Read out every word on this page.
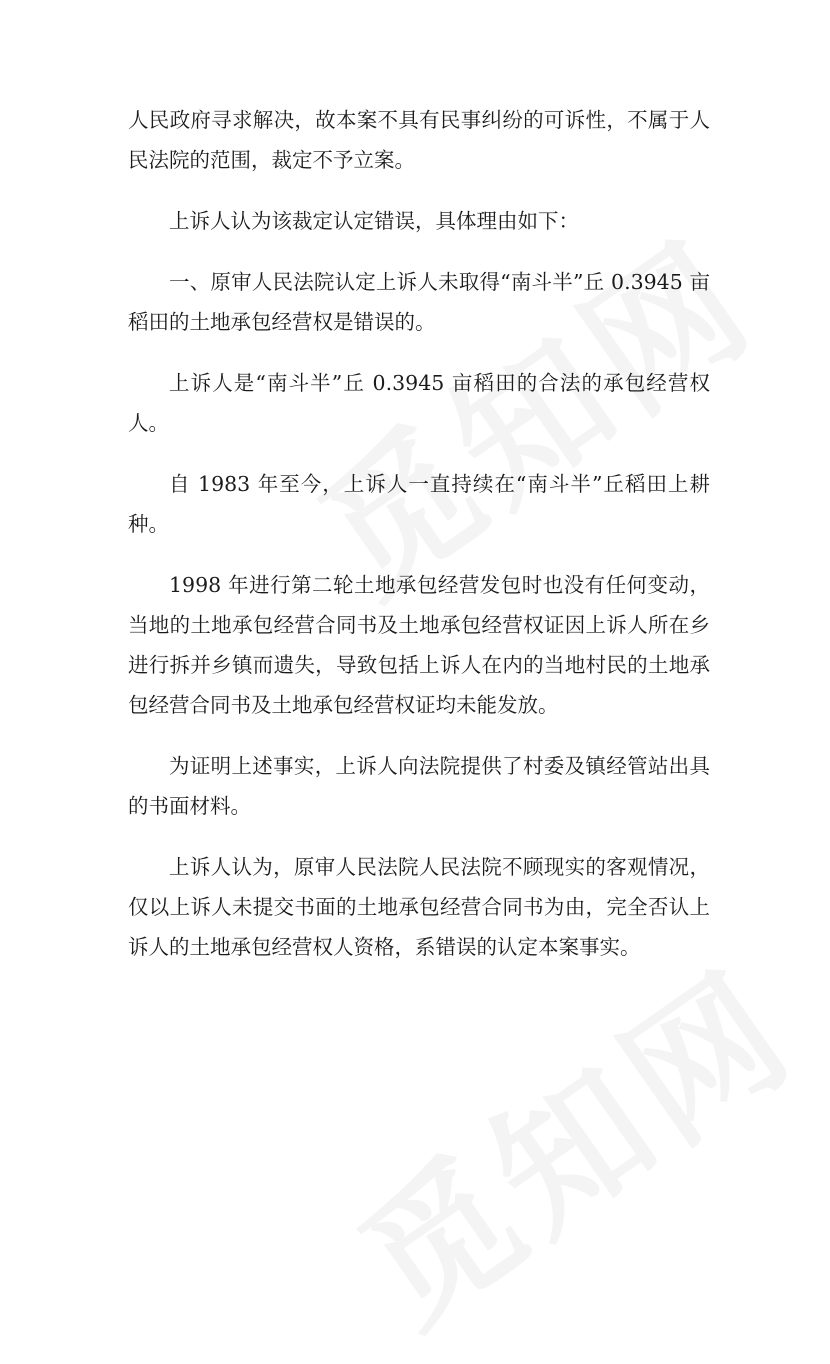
人民政府寻求解决，故本案不具有民事纠纷的可诉性，不属于人民法院的范围，裁定不予立案。

上诉人认为该裁定认定错误，具体理由如下：

一、原审人民法院认定上诉人未取得“南斗半”丘 0.3945 亩稻田的土地承包经营权是错误的。

上诉人是“南斗半”丘 0.3945 亩稻田的合法的承包经营权人。

自 1983 年至今，上诉人一直持续在“南斗半”丘稻田上耕种。

1998 年进行第二轮土地承包经营发包时也没有任何变动，当地的土地承包经营合同书及土地承包经营权证因上诉人所在乡进行拆并乡镇而遗失，导致包括上诉人在内的当地村民的土地承包经营合同书及土地承包经营权证均未能发放。

为证明上述事实，上诉人向法院提供了村委及镇经管站出具的书面材料。

上诉人认为，原审人民法院人民法院不顾现实的客观情况，仅以上诉人未提交书面的土地承包经营合同书为由，完全否认上诉人的土地承包经营权人资格，系错误的认定本案事实。
